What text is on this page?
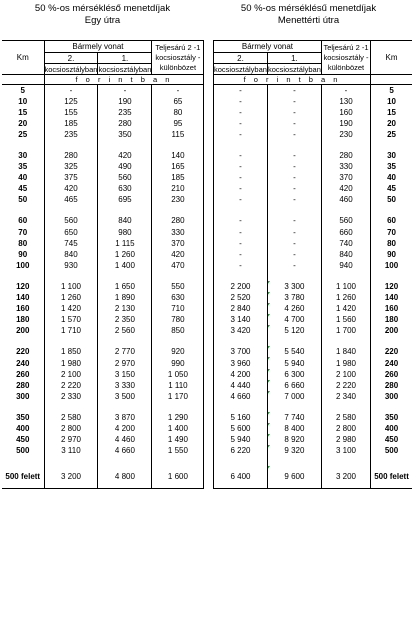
50 %-os mérsékléső menetdíjak
Egy útra
50 %-os mérséklésű menetdíjak
Menettérti útra
Km	Bármely vonat		Teljesárú 2 -1
kocsiosztály -
különbözet

	2.	1.	
	kocsiosztályban	kocsiosztályban	
	f o r i n t b a n		
5	-	-	-
10	125	190	65
15	155	235	80
20	185	280	95
25	235	350	115

30	280	420	140
35	325	490	165
40	375	560	185
45	420	630	210
50	465	695	230

60	560	840	280
70	650	980	330
80	745	1 115	370
90	840	1 260	420
100	930	1 400	470

120	1 100	1 650	550
140	1 260	1 890	630
160	1 420	2 130	710
180	1 570	2 350	780
200	1 710	2 560	850

220	1 850	2 770	920
240	1 980	2 970	990
260	2 100	3 150	1 050
280	2 220	3 330	1 110
300	2 330	3 500	1 170

350	2 580	3 870	1 290
400	2 800	4 200	1 400
450	2 970	4 460	1 490
500	3 110	4 660	1 550

500 felett	3 200	4 800	1 600
Bármely vonat		Teljesárú 2 -1
kocsiosztály -
különbözet	Km
2.	1.		
kocsiosztályban	kocsiosztályban		
f o r i n t b a n			
-	-	-	5
-	-	130	10
-	-	160	15
-	-	190	20
-	-	230	25

-	-	280	30
-	-	330	35
-	-	370	40
-	-	420	45
-	-	460	50

-	-	560	60
-	-	660	70
-	-	740	80
-	-	840	90
-	-	940	100

2 200	3 300	1 100	120
2 520	3 780	1 260	140
2 840	4 260	1 420	160
3 140	4 700	1 560	180
3 420	5 120	1 700	200

3 700	5 540	1 840	220
3 960	5 940	1 980	240
4 200	6 300	2 100	260
4 440	6 660	2 220	280
4 660	7 000	2 340	300

5 160	7 740	2 580	350
5 600	8 400	2 800	400
5 940	8 920	2 980	450
6 220	9 320	3 100	500

6 400	9 600	3 200	500 felett
